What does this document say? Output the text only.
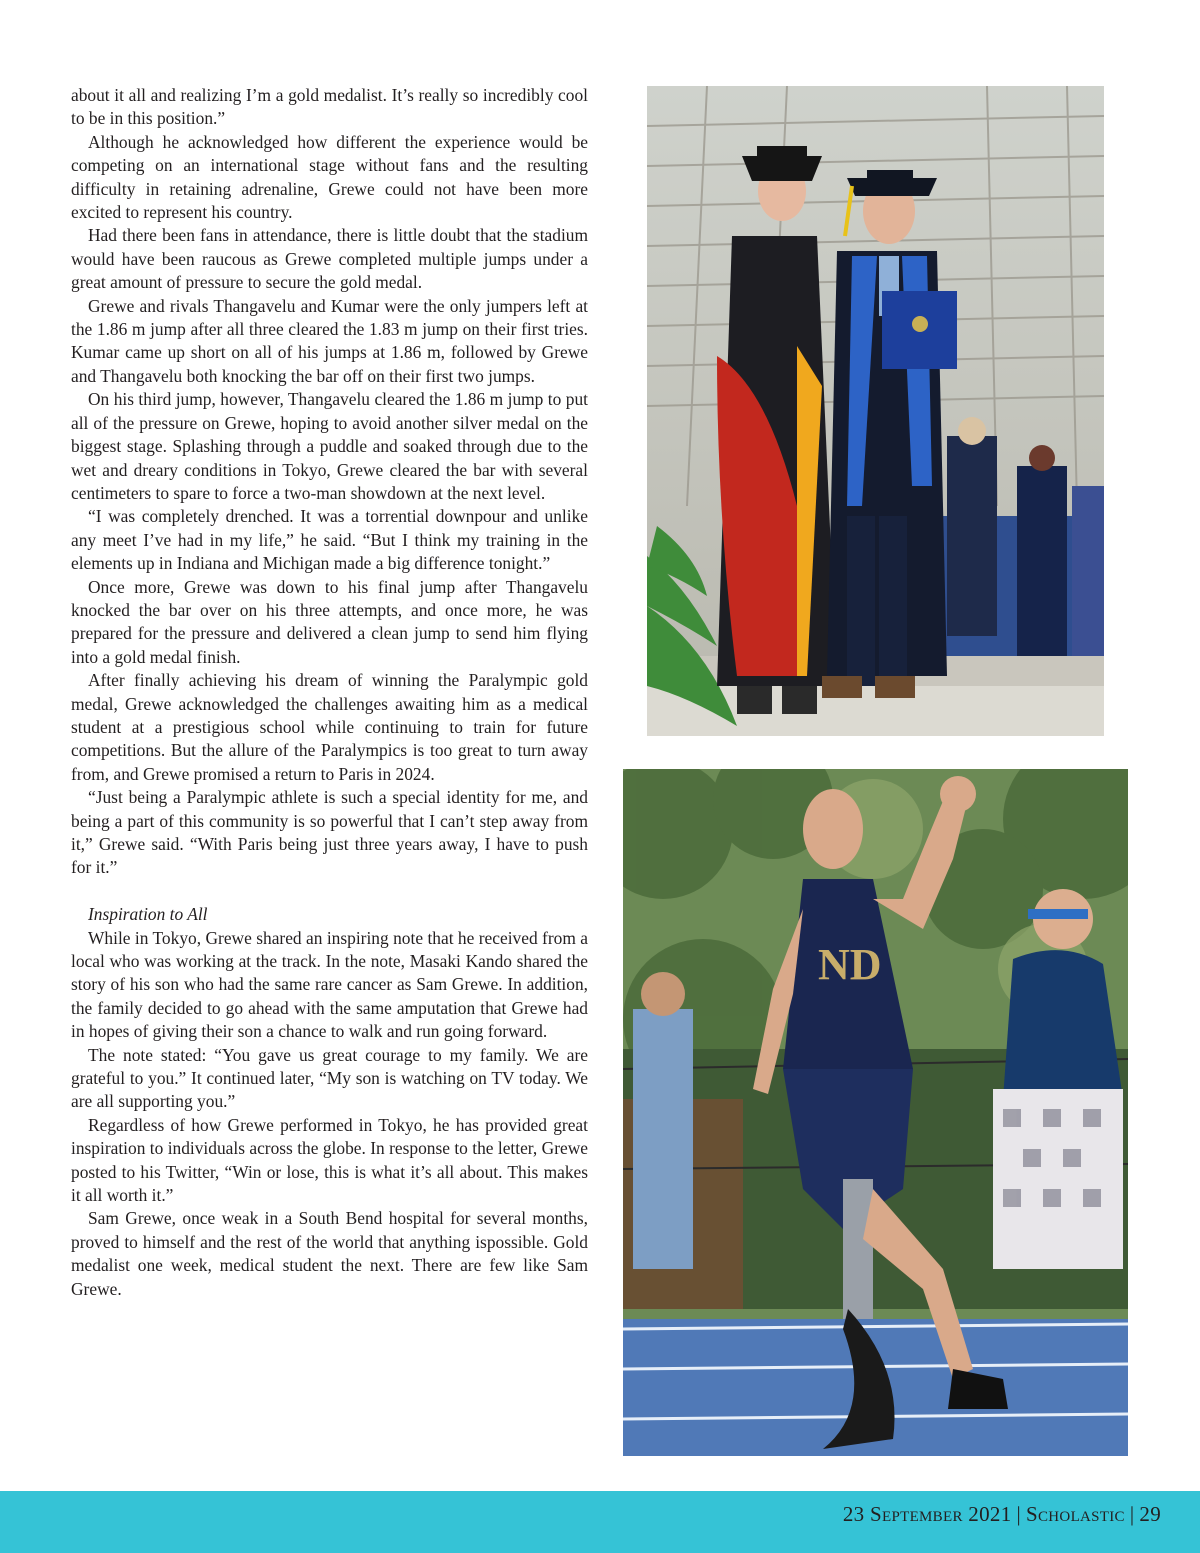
about it all and realizing I’m a gold medalist. It’s really so incredibly cool to be in this position.”

Although he acknowledged how different the experience would be competing on an international stage without fans and the resulting difficulty in retaining adrenaline, Grewe could not have been more excited to represent his country.

Had there been fans in attendance, there is little doubt that the stadium would have been raucous as Grewe completed multiple jumps under a great amount of pressure to secure the gold medal.

Grewe and rivals Thangavelu and Kumar were the only jumpers left at the 1.86 m jump after all three cleared the 1.83 m jump on their first tries. Kumar came up short on all of his jumps at 1.86 m, followed by Grewe and Thangavelu both knocking the bar off on their first two jumps.

On his third jump, however, Thangavelu cleared the 1.86 m jump to put all of the pressure on Grewe, hoping to avoid another silver medal on the biggest stage. Splashing through a puddle and soaked through due to the wet and dreary conditions in Tokyo, Grewe cleared the bar with several centimeters to spare to force a two-man showdown at the next level.

“I was completely drenched. It was a torrential downpour and unlike any meet I’ve had in my life,” he said. “But I think my training in the elements up in Indiana and Michigan made a big difference tonight.”

Once more, Grewe was down to his final jump after Thangavelu knocked the bar over on his three attempts, and once more, he was prepared for the pressure and delivered a clean jump to send him flying into a gold medal finish.

After finally achieving his dream of winning the Paralympic gold medal, Grewe acknowledged the challenges awaiting him as a medical student at a prestigious school while continuing to train for future competitions. But the allure of the Paralympics is too great to turn away from, and Grewe promised a return to Paris in 2024.

“Just being a Paralympic athlete is such a special identity for me, and being a part of this community is so powerful that I can’t step away from it,” Grewe said. “With Paris being just three years away, I have to push for it.”

Inspiration to All

While in Tokyo, Grewe shared an inspiring note that he received from a local who was working at the track. In the note, Masaki Kando shared the story of his son who had the same rare cancer as Sam Grewe. In addition, the family decided to go ahead with the same amputation that Grewe had in hopes of giving their son a chance to walk and run going forward.

The note stated: “You gave us great courage to my family. We are grateful to you.” It continued later, “My son is watching on TV today. We are all supporting you.”

Regardless of how Grewe performed in Tokyo, he has provided great inspiration to individuals across the globe. In response to the letter, Grewe posted to his Twitter, “Win or lose, this is what it’s all about. This makes it all worth it.”

Sam Grewe, once weak in a South Bend hospital for several months, proved to himself and the rest of the world that anything ispossible. Gold medalist one week, medical student the next. There are few like Sam Grewe.

ND
23 September 2021 | Scholastic | 29
